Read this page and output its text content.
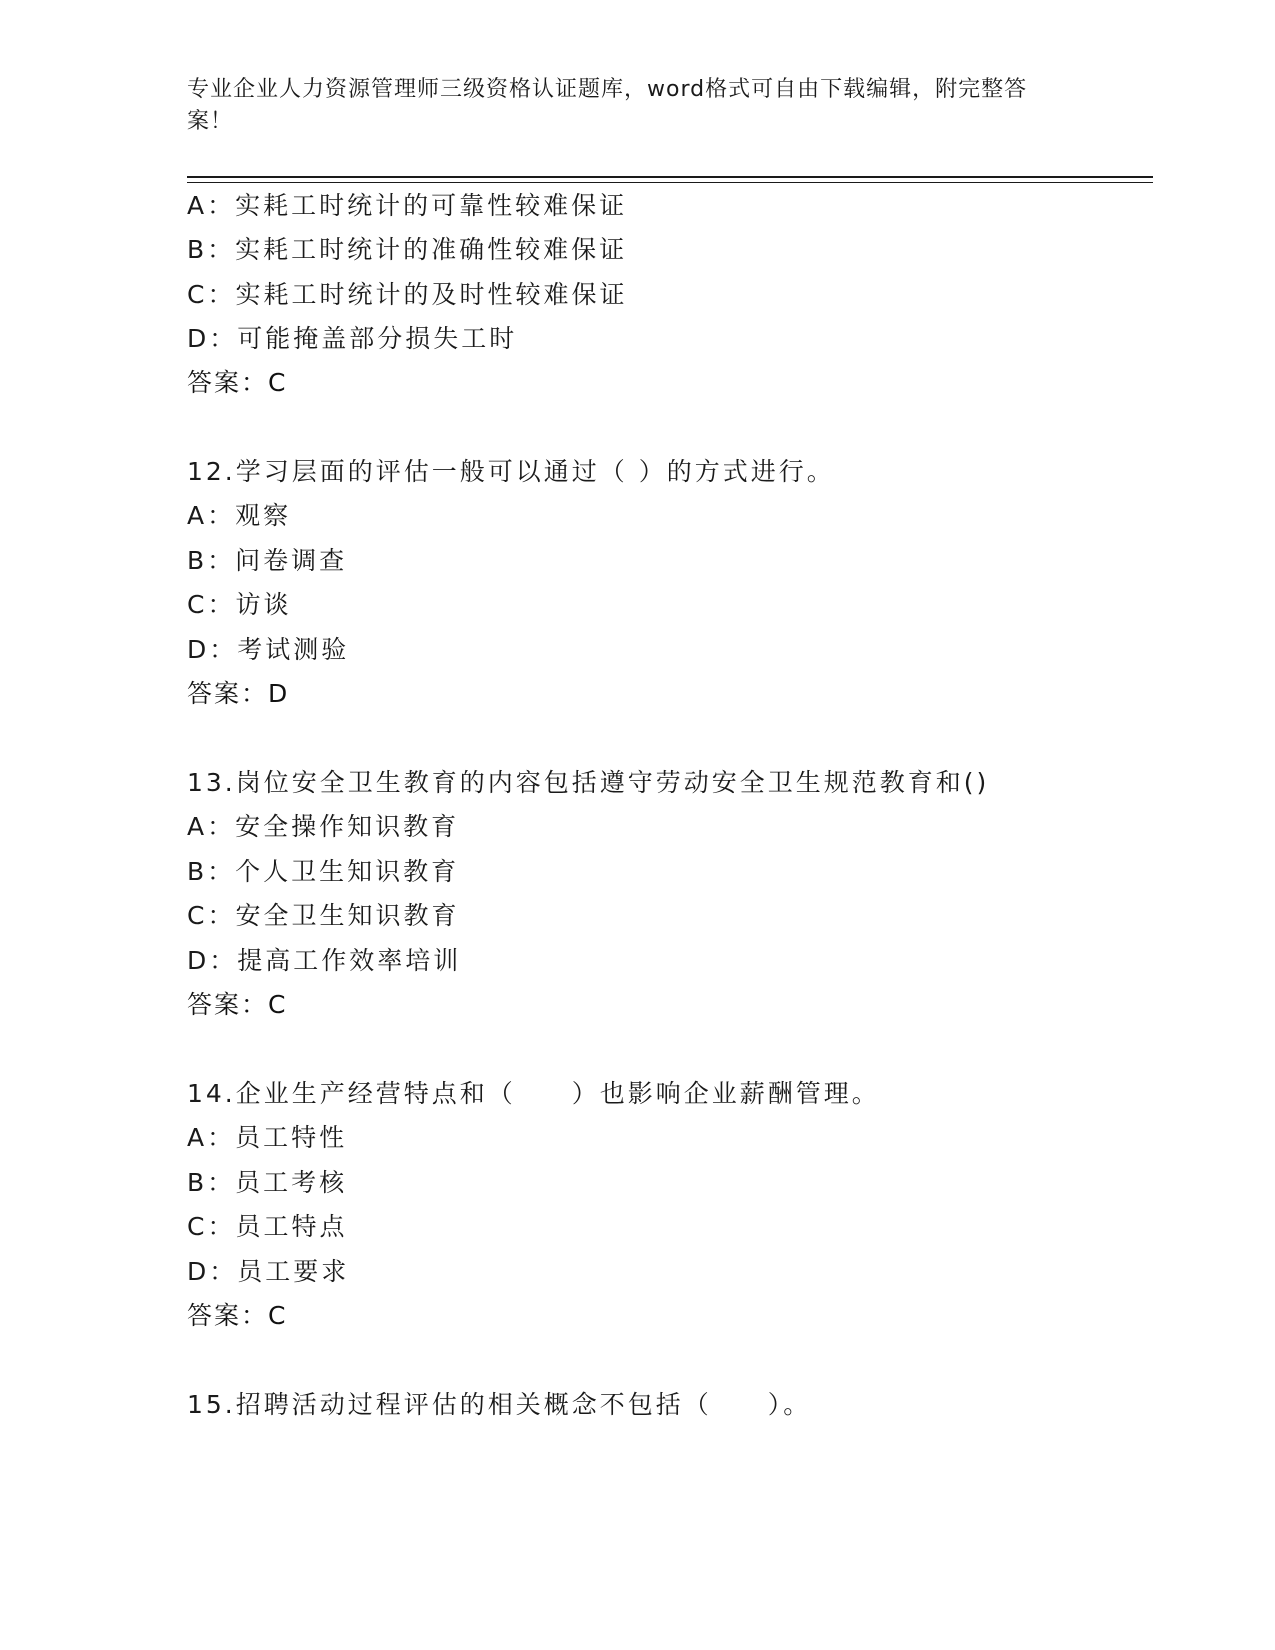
专业企业人力资源管理师三级资格认证题库，word格式可自由下载编辑，附完整答案！
A：实耗工时统计的可靠性较难保证
B：实耗工时统计的准确性较难保证
C：实耗工时统计的及时性较难保证
D：可能掩盖部分损失工时
答案：C
12.学习层面的评估一般可以通过（ ）的方式进行。
A：观察
B：问卷调查
C：访谈
D：考试测验
答案：D
13.岗位安全卫生教育的内容包括遵守劳动安全卫生规范教育和()
A：安全操作知识教育
B：个人卫生知识教育
C：安全卫生知识教育
D：提高工作效率培训
答案：C
14.企业生产经营特点和（　　）也影响企业薪酬管理。
A：员工特性
B：员工考核
C：员工特点
D：员工要求
答案：C
15.招聘活动过程评估的相关概念不包括（　　）。
